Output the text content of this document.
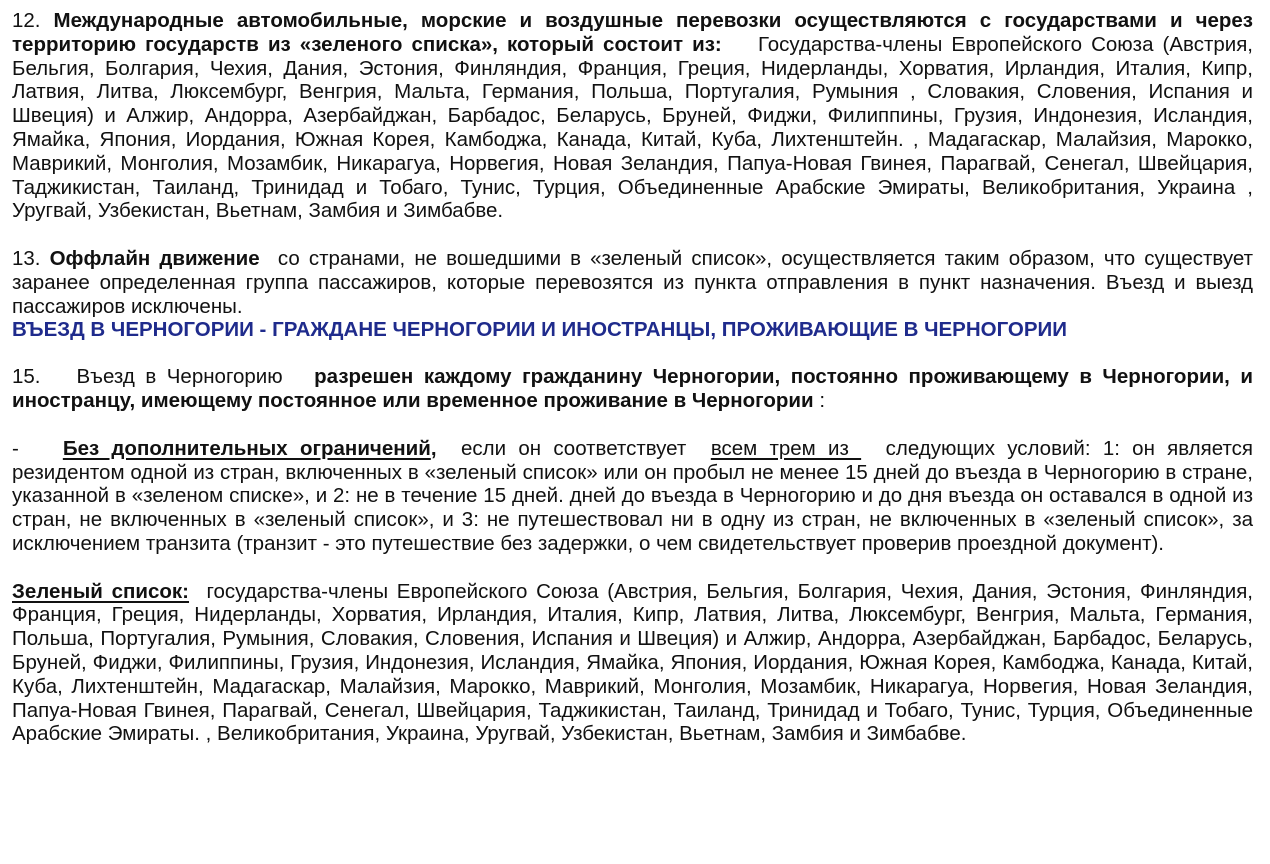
12. Международные автомобильные, морские и воздушные перевозки осуществляются с государствами и через территорию государств из «зеленого списка», который состоит из: Государства-члены Европейского Союза (Австрия, Бельгия, Болгария, Чехия, Дания, Эстония, Финляндия, Франция, Греция, Нидерланды, Хорватия, Ирландия, Италия, Кипр, Латвия, Литва, Люксембург, Венгрия, Мальта, Германия, Польша, Португалия, Румыния , Словакия, Словения, Испания и Швеция) и Алжир, Андорра, Азербайджан, Барбадос, Беларусь, Бруней, Фиджи, Филиппины, Грузия, Индонезия, Исландия, Ямайка, Япония, Иордания, Южная Корея, Камбоджа, Канада, Китай, Куба, Лихтенштейн. , Мадагаскар, Малайзия, Марокко, Маврикий, Монголия, Мозамбик, Никарагуа, Норвегия, Новая Зеландия, Папуа-Новая Гвинея, Парагвай, Сенегал, Швейцария, Таджикистан, Таиланд, Тринидад и Тобаго, Тунис, Турция, Объединенные Арабские Эмираты, Великобритания, Украина , Уругвай, Узбекистан, Вьетнам, Замбия и Зимбабве.

13. Оффлайн движение со странами, не вошедшими в «зеленый список», осуществляется таким образом, что существует заранее определенная группа пассажиров, которые перевозятся из пункта отправления в пункт назначения. Въезд и выезд пассажиров исключены.

ВЪЕЗД В ЧЕРНОГОРИИ - ГРАЖДАНЕ ЧЕРНОГОРИИ И ИНОСТРАНЦЫ, ПРОЖИВАЮЩИЕ В ЧЕРНОГОРИИ

15. Въезд в Черногорию разрешен каждому гражданину Черногории, постоянно проживающему в Черногории, и иностранцу, имеющему постоянное или временное проживание в Черногории :

- Без дополнительных ограничений, если он соответствует  всем трем из   следующих условий: 1: он является резидентом одной из стран, включенных в «зеленый список» или он пробыл не менее 15 дней до въезда в Черногорию в стране, указанной в «зеленом списке», и 2: не в течение 15 дней. дней до въезда в Черногорию и до дня въезда он оставался в одной из стран, не включенных в «зеленый список», и 3: не путешествовал ни в одну из стран, не включенных в «зеленый список», за исключением транзита (транзит - это путешествие без задержки, о чем свидетельствует проверив проездной документ).

Зеленый список: государства-члены Европейского Союза (Австрия, Бельгия, Болгария, Чехия, Дания, Эстония, Финляндия, Франция, Греция, Нидерланды, Хорватия, Ирландия, Италия, Кипр, Латвия, Литва, Люксембург, Венгрия, Мальта, Германия, Польша, Португалия, Румыния, Словакия, Словения, Испания и Швеция) и Алжир, Андорра, Азербайджан, Барбадос, Беларусь, Бруней, Фиджи, Филиппины, Грузия, Индонезия, Исландия, Ямайка, Япония, Иордания, Южная Корея, Камбоджа, Канада, Китай, Куба, Лихтенштейн, Мадагаскар, Малайзия, Марокко, Маврикий, Монголия, Мозамбик, Никарагуа, Норвегия, Новая Зеландия, Папуа-Новая Гвинея, Парагвай, Сенегал, Швейцария, Таджикистан, Таиланд, Тринидад и Тобаго, Тунис, Турция, Объединенные Арабские Эмираты. , Великобритания, Украина, Уругвай, Узбекистан, Вьетнам, Замбия и Зимбабве.
